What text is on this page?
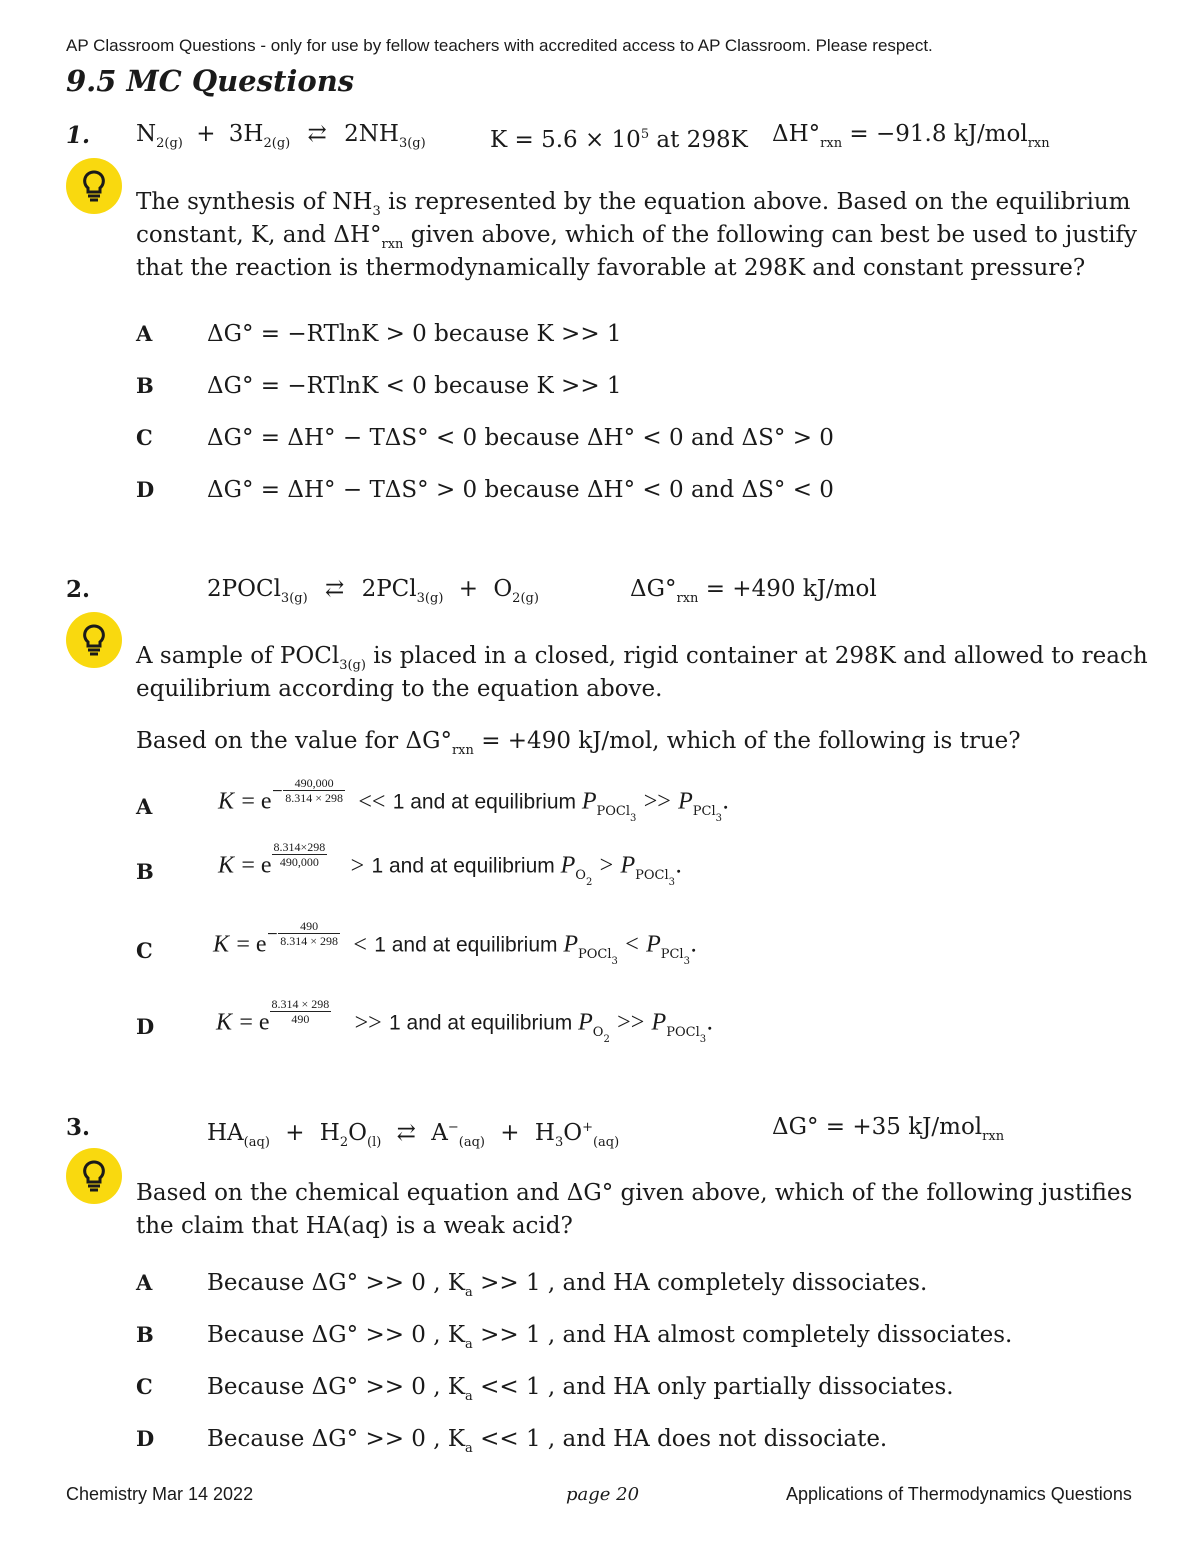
AP Classroom Questions - only for use by fellow teachers with accredited access to AP Classroom. Please respect.
9.5 MC Questions
1. $N_{2(g)} + 3H_{2(g)}$ ⇄ $2NH_{3(g)}$	$K = 5.6 \times 10^5$ at 298K $\Delta H^\circ_{rxn} = -91.8$ kJ/mol$_{rxn}$
The synthesis of $NH_3$ is represented by the equation above. Based on the equilibrium
constant, K, and $\Delta H^\circ_{rxn}$ given above, which of the following can best be used to justify
that the reaction is thermodynamically favorable at 298K and constant pressure?
A ΔG° = −RTlnK > 0 because K >> 1
B ΔG° = −RTlnK < 0 because K >> 1
C ΔG° = ΔH° − TΔS° < 0 because ΔH° < 0 and ΔS° > 0
D ΔG° = ΔH° − TΔS° > 0 because ΔH° < 0 and ΔS° < 0
2.	2POCl$_{3(g)}$ ⇄ $2PCl_{3(g)} + O_{2(g)}$	$\Delta G^\circ_{rxn} = +490$ kJ/mol
A sample of POCl$_{3(g)}$ is placed in a closed, rigid container at 298K and allowed to reach
equilibrium according to the equation above.
Based on the value for $\Delta G^\circ_{rxn} = +490$ kJ/mol, which of the following is true?
A	$K = e^{- \frac{490,000}{8.314 \times 298}} << 1$ and at equilibrium $P_{POCl_3} >> P_{PCl_3}$.
B	K = e $^{\frac{8.314\times 298}{490,000}}$ > 1 and at equilibrium $P_{O_2} > P_{POCl_3}$.
C	$K = e^{- \frac{490}{8.314 \times 298}} < 1$ and at equilibrium $P_{POCl_3} < P_{PCl_3}$.
D	K = e $^{\frac{8.314 \times 298}{490}}$ >> 1 and at equilibrium $P_{O_2} >> P_{POCl_3}$.
3.	$HA_{(aq)} + H_2O_{(l)}$ ⇄ $A^-_{(aq)} + H_3O^+_{(aq)}$
ΔG° = +35 kJ/mol$_{rxn}$
Based on the chemical equation and ΔG° given above, which of the following justifies
the claim that HA(aq) is a weak acid?
A Because ΔG° >> 0 , $K_a >> 1$ , and HA completely dissociates.
B Because ΔG° >> 0 , $K_a >> 1$ , and HA almost completely dissociates.
C Because ΔG° >> 0 , $K_a << 1$ , and HA only partially dissociates.
D Because ΔG° >> 0 , $K_a << 1$ , and HA does not dissociate.
Chemistry Mar 14 2022	page 20	Applications of Thermodynamics Questions
